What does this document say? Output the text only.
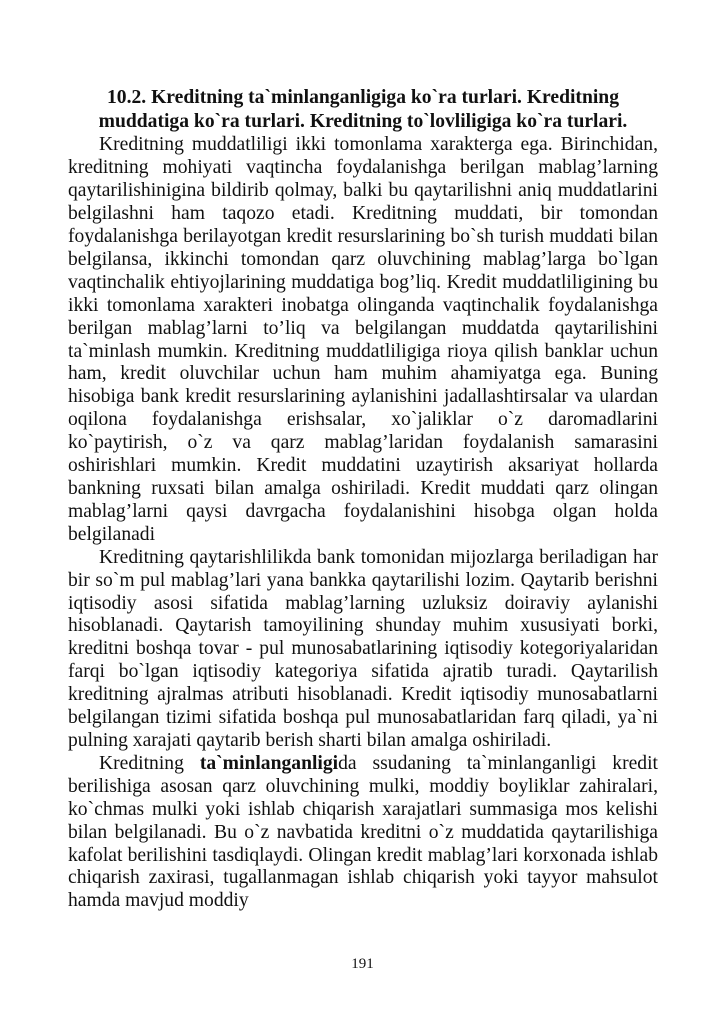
10.2. Kreditning ta`minlanganligiga ko`ra turlari. Kreditning
muddatiga ko`ra turlari. Kreditning to`lovliligiga ko`ra turlari.

Kreditning muddatliligi ikki tomonlama xarakterga ega. Birinchidan, kreditning mohiyati vaqtincha foydalanishga berilgan mablag’larning qaytarilishinigina bildirib qolmay, balki bu qaytarilishni aniq muddatlarini belgilashni ham taqozo etadi. Kreditning muddati, bir tomondan foydalanishga berilayotgan kredit resurslarining bo`sh turish muddati bilan belgilansa, ikkinchi tomondan qarz oluvchining mablag’larga bo`lgan vaqtinchalik ehtiyojlarining muddatiga bog’liq. Kredit muddatliligining bu ikki tomonlama xarakteri inobatga olinganda vaqtinchalik foydalanishga berilgan mablag’larni to’liq va belgilangan muddatda qaytarilishini ta`minlash mumkin. Kreditning muddatliligiga rioya qilish banklar uchun ham, kredit oluvchilar uchun ham muhim ahamiyatga ega. Buning hisobiga bank kredit resurslarining aylanishini jadallashtirsalar va ulardan oqilona foydalanishga erishsalar, xo`jaliklar o`z daromadlarini ko`paytirish, o`z va qarz mablag’laridan foydalanish samarasini oshirishlari mumkin. Kredit muddatini uzaytirish aksariyat hollarda bankning ruxsati bilan amalga oshiriladi. Kredit muddati qarz olingan mablag’larni qaysi davrgacha foydalanishini hisobga olgan holda belgilanadi

Kreditning qaytarishlilikda bank tomonidan mijozlarga beriladigan har bir so`m pul mablag’lari yana bankka qaytarilishi lozim. Qaytarib berishni iqtisodiy asosi sifatida mablag’larning uzluksiz doiraviy aylanishi hisoblanadi. Qaytarish tamoyilining shunday muhim xususiyati borki, kreditni boshqa tovar - pul munosabatlarining iqtisodiy kotegoriyalaridan farqi bo`lgan iqtisodiy kategoriya sifatida ajratib turadi. Qaytarilish kreditning ajralmas atributi hisoblanadi. Kredit iqtisodiy munosabatlarni belgilangan tizimi sifatida boshqa pul munosabatlaridan farq qiladi, ya`ni pulning xarajati qaytarib berish sharti bilan amalga oshiriladi.

Kreditning ta`minlanganligida ssudaning ta`minlanganligi kredit berilishiga asosan qarz oluvchining mulki, moddiy boyliklar zahiralari, ko`chmas mulki yoki ishlab chiqarish xarajatlari summasiga mos kelishi bilan belgilanadi. Bu o`z navbatida kreditni o`z muddatida qaytarilishiga kafolat berilishini tasdiqlaydi. Olingan kredit mablag’lari korxonada ishlab chiqarish zaxirasi, tugallanmagan ishlab chiqarish yoki tayyor mahsulot hamda mavjud moddiy

191
